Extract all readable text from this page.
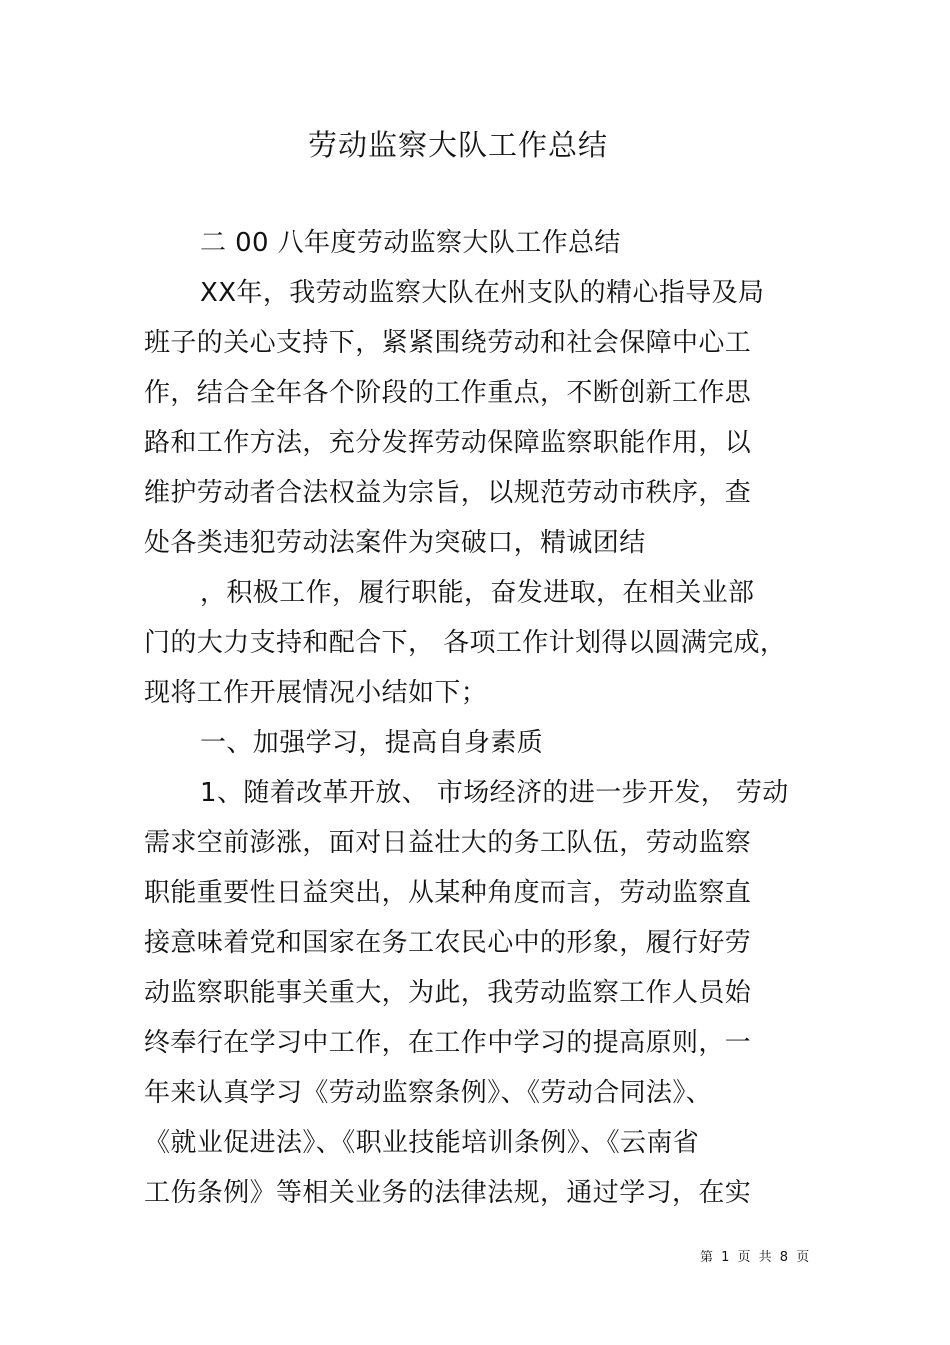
劳动监察大队工作总结
二 00 八年度劳动监察大队工作总结
XX年，我劳动监察大队在州支队的精心指导及局
班子的关心支持下，紧紧围绕劳动和社会保障中心工
作，结合全年各个阶段的工作重点，不断创新工作思
路和工作方法，充分发挥劳动保障监察职能作用，以
维护劳动者合法权益为宗旨，以规范劳动市秩序，查
处各类违犯劳动法案件为突破口，精诚团结
，积极工作，履行职能，奋发进取，在相关业部
门的大力支持和配合下， 各项工作计划得以圆满完成，
现将工作开展情况小结如下；
一、加强学习，提高自身素质
1、随着改革开放、 市场经济的进一步开发， 劳动
需求空前澎涨，面对日益壮大的务工队伍，劳动监察
职能重要性日益突出，从某种角度而言，劳动监察直
接意味着党和国家在务工农民心中的形象，履行好劳
动监察职能事关重大，为此，我劳动监察工作人员始
终奉行在学习中工作，在工作中学习的提高原则，一
年来认真学习《劳动监察条例》、《劳动合同法》、
《就业促进法》、《职业技能培训条例》、《云南省
工伤条例》等相关业务的法律法规，通过学习，在实
第 1 页 共 8 页
